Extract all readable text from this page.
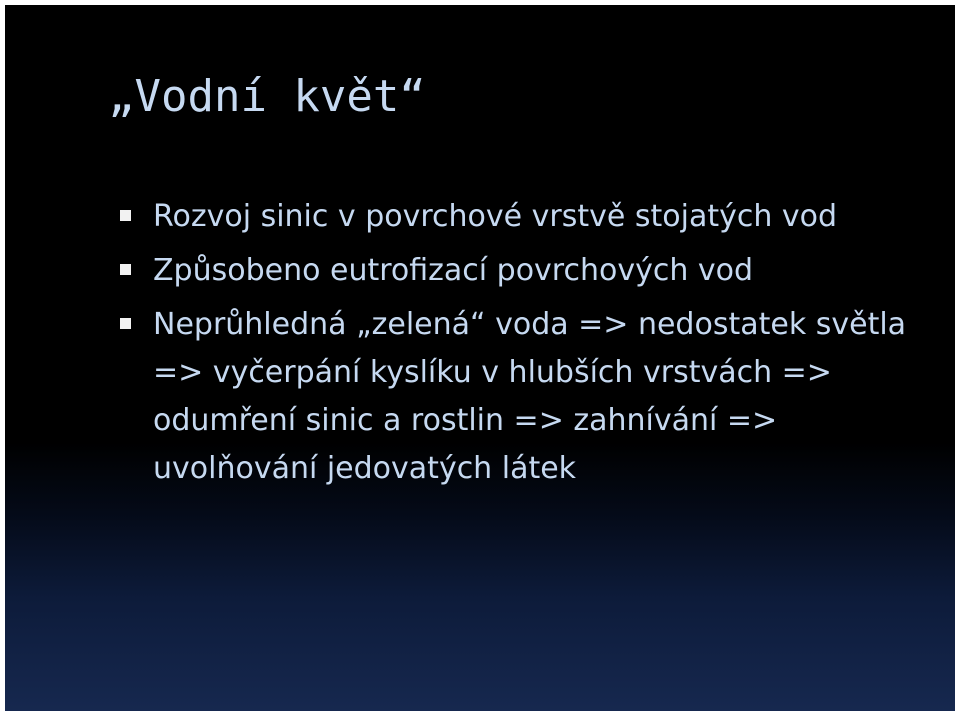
„Vodní květ“
Rozvoj sinic v povrchové vrstvě stojatých vod
Způsobeno eutrofizací povrchových vod
Neprůhledná „zelená“ voda => nedostatek světla => vyčerpání kyslíku v hlubších vrstvách => odumření sinic a rostlin => zahnívání => uvolňování jedovatých látek
